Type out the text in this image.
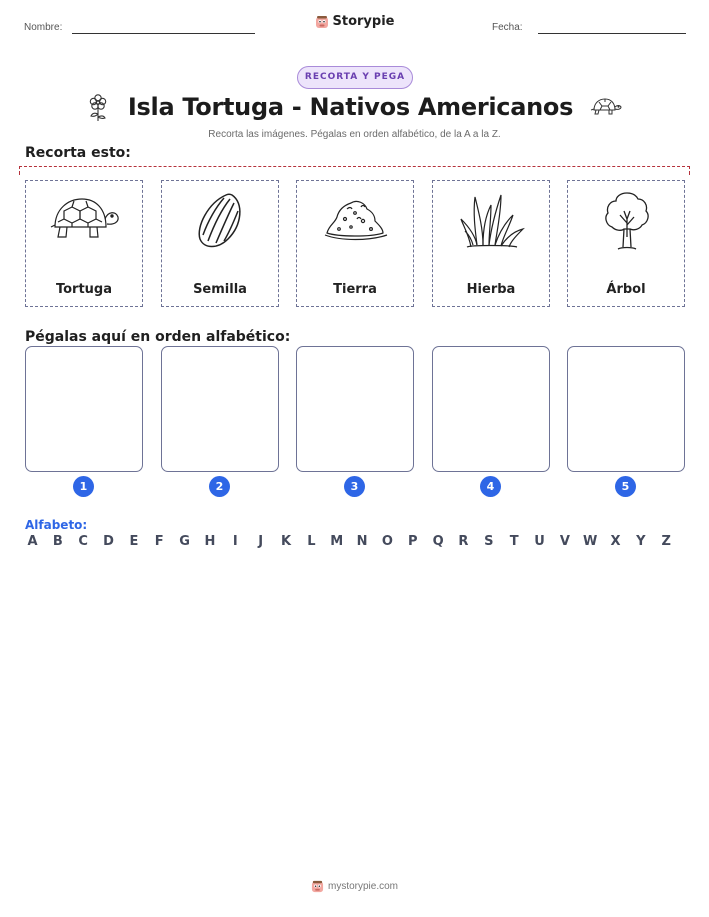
Nombre:	Storypie	Fecha:
RECORTA Y PEGA
Isla Tortuga - Nativos Americanos
Recorta las imágenes. Pégalas en orden alfabético, de la A a la Z.
Recorta esto:
Tortuga	Semilla	Tierra	Hierba	Árbol
Pégalas aquí en orden alfabético:
1	2	3	4	5
Alfabeto:
A	B	C	D	E	F	G	H	I	J	K	L	M	N	O	P	Q	R	S	T	U	V	W	X	Y	Z
mystorypie.com
